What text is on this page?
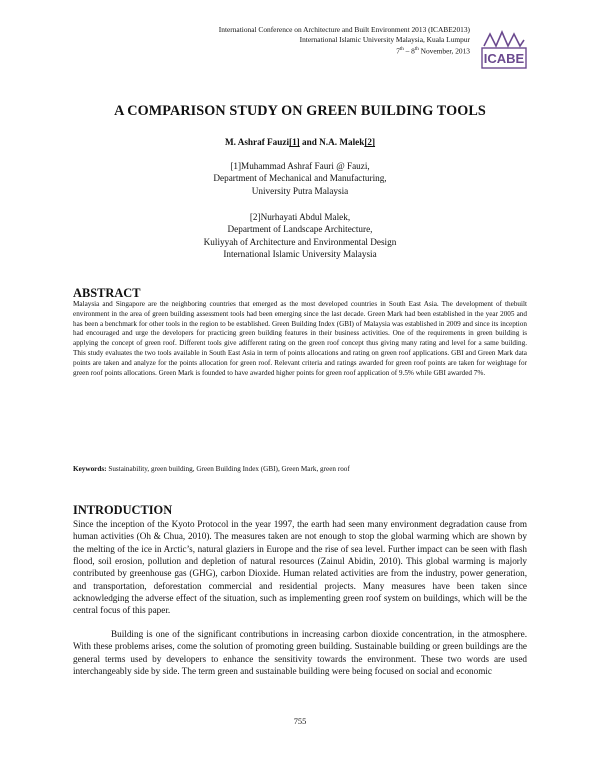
International Conference on Architecture and Built Environment 2013 (ICABE2013)
International Islamic University Malaysia, Kuala Lumpur
7th – 8th November, 2013
ICABE
A COMPARISON STUDY ON GREEN BUILDING TOOLS
M. Ashraf Fauzi[1] and N.A. Malek[2]
[1]Muhammad Ashraf Fauri @ Fauzi,
Department of Mechanical and Manufacturing,
University Putra Malaysia
[2]Nurhayati Abdul Malek,
Department of Landscape Architecture,
Kuliyyah of Architecture and Environmental Design
International Islamic University Malaysia
ABSTRACT
Malaysia and Singapore are the neighboring countries that emerged as the most developed countries in South East Asia. The development of thebuilt environment in the area of green building assessment tools had been emerging since the last decade. Green Mark had been established in the year 2005 and has been a benchmark for other tools in the region to be established. Green Building Index (GBI) of Malaysia was established in 2009 and since its inception had encouraged and urge the developers for practicing green building features in their business activities. One of the requirements in green building is applying the concept of green roof. Different tools give adifferent rating on the green roof concept thus giving many rating and level for a same building. This study evaluates the two tools available in South East Asia in term of points allocations and rating on green roof applications. GBI and Green Mark data points are taken and analyze for the points allocation for green roof. Relevant criteria and ratings awarded for green roof points are taken for weightage for green roof points allocations. Green Mark is founded to have awarded higher points for green roof application of 9.5% while GBI awarded 7%.
Keywords: Sustainability, green building, Green Building Index (GBI), Green Mark, green roof
INTRODUCTION
Since the inception of the Kyoto Protocol in the year 1997, the earth had seen many environment degradation cause from human activities (Oh & Chua, 2010). The measures taken are not enough to stop the global warming which are shown by the melting of the ice in Arctic’s, natural glaziers in Europe and the rise of sea level. Further impact can be seen with flash flood, soil erosion, pollution and depletion of natural resources (Zainul Abidin, 2010). This global warming is majorly contributed by greenhouse gas (GHG), carbon Dioxide. Human related activities are from the industry, power generation, and transportation, deforestation commercial and residential projects. Many measures have been taken since acknowledging the adverse effect of the situation, such as implementing green roof system on buildings, which will be the central focus of this paper.
Building is one of the significant contributions in increasing carbon dioxide concentration, in the atmosphere. With these problems arises, come the solution of promoting green building. Sustainable building or green buildings are the general terms used by developers to enhance the sensitivity towards the environment. These two words are used interchangeably side by side. The term green and sustainable building were being focused on social and economic
755
